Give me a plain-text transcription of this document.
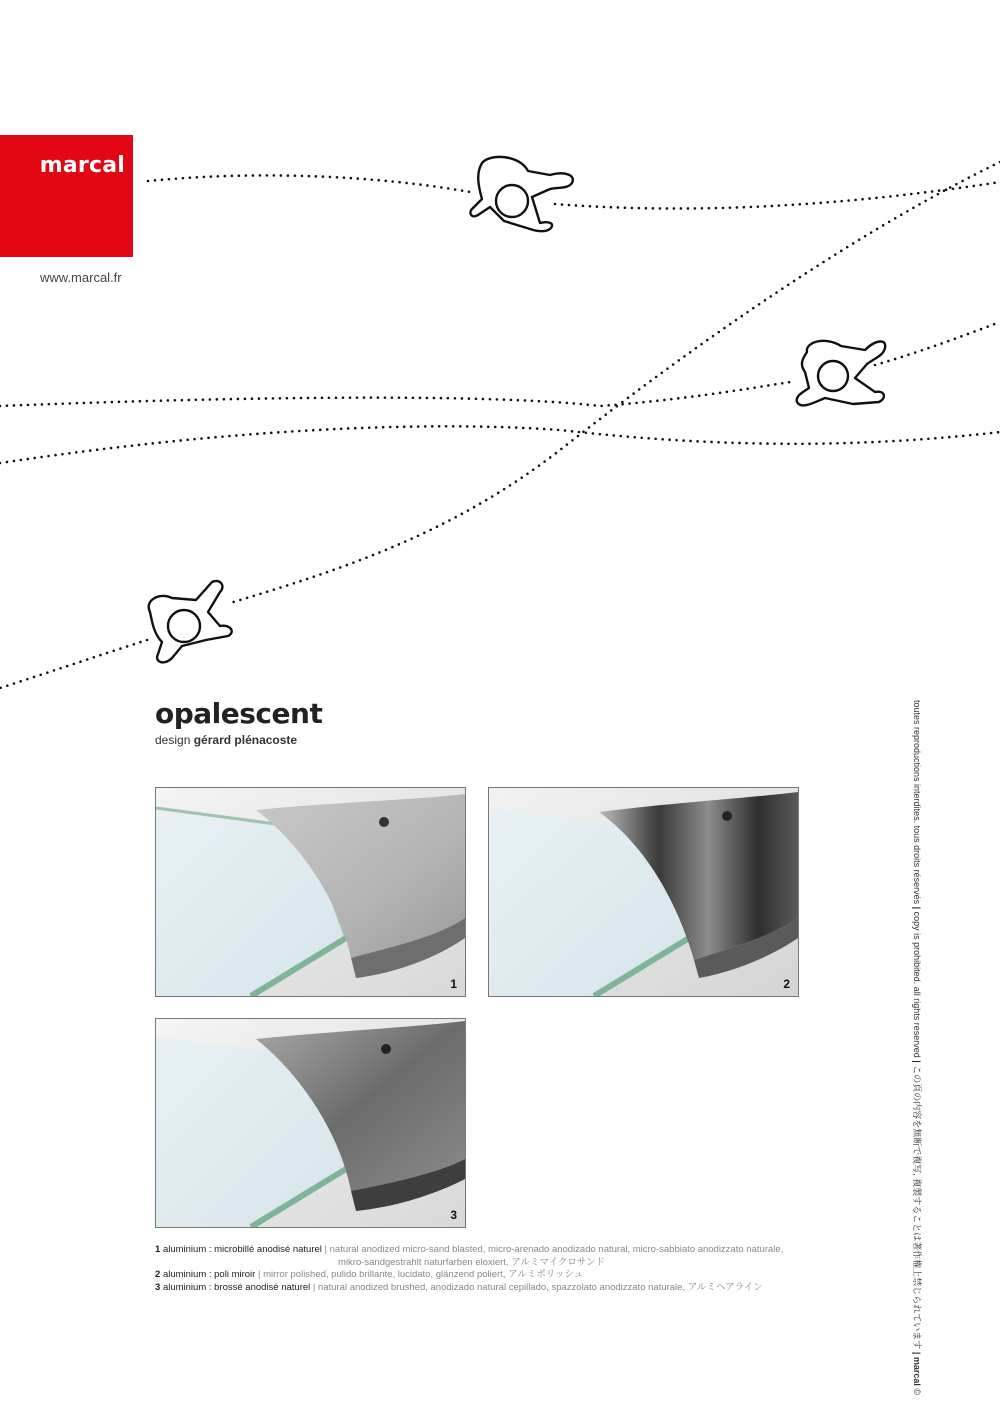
marcal
www.marcal.fr
opalescent
design gérard plénacoste
1	2
3
1 aluminium : microbillé anodisé naturel | natural anodized micro-sand blasted, micro-arenado anodizado natural, micro-sabbiato anodizzato naturale,
mikro-sandgestrahlt naturfarben eloxiert, アルミマイクロサンド
2 aluminium : poli miroir | mirror polished, pulido brillante, lucidato, glänzend poliert, アルミポリッシュ
3 aluminium : brossé anodisé naturel | natural anodized brushed, anodizado natural cepillado, spazzolato anodizzato naturale, アルミヘアライン
toutes reproductions interdites. tous droits réservés | copy is prohibited. all rights reserved | この頁の内容を無断で複写, 複製することは著作権上禁じられています | marcal ©
